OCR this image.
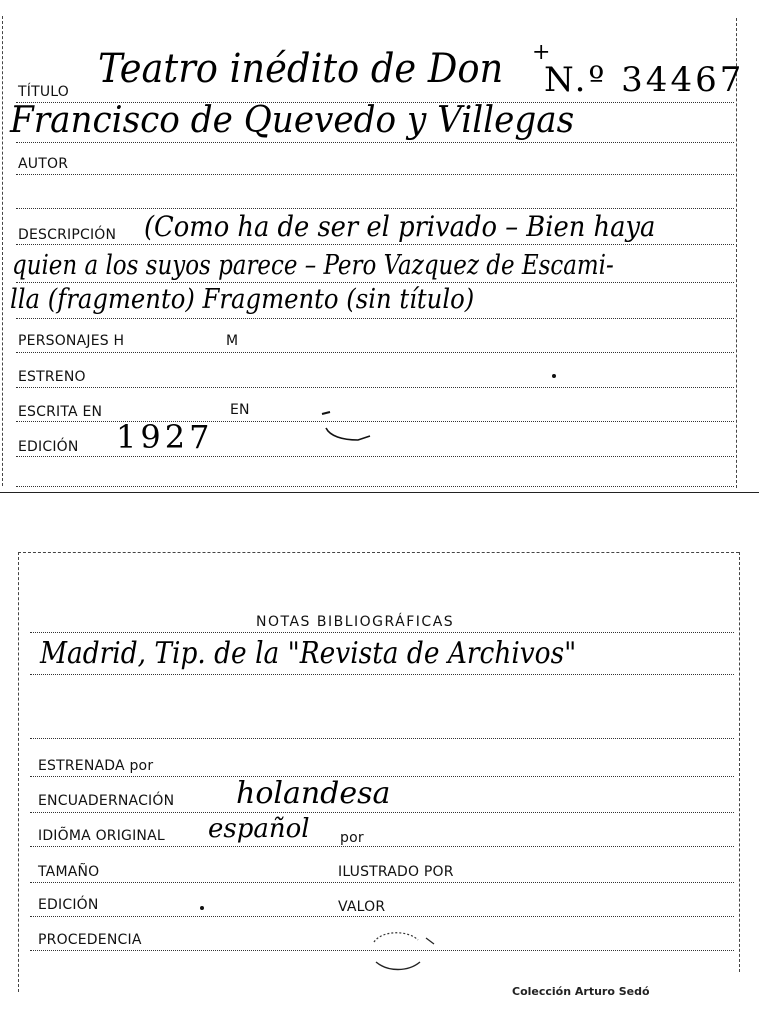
TÍTULO Teatro inédito de Don +
N.º 34467
Francisco de Quevedo y Villegas
AUTOR
DESCRIPCIÓN (Como ha de ser el privado – Bien haya
quien a los suyos parece – Pero Vazquez de Escami-
lla (fragmento) Fragmento (sin título)
PERSONAJES H	M
ESTRENO
ESCRITA EN	EN
EDICIÓN 1927
NOTAS BIBLIOGRÁFICAS
Madrid, Tip. de la "Revista de Archivos"
ESTRENADA por
ENCUADERNACIÓN holandesa
IDIÕMA ORIGINAL español por
TAMAÑO	ILUSTRADO POR
EDICIÓN	VALOR
PROCEDENCIA
Colección Arturo Sedó
